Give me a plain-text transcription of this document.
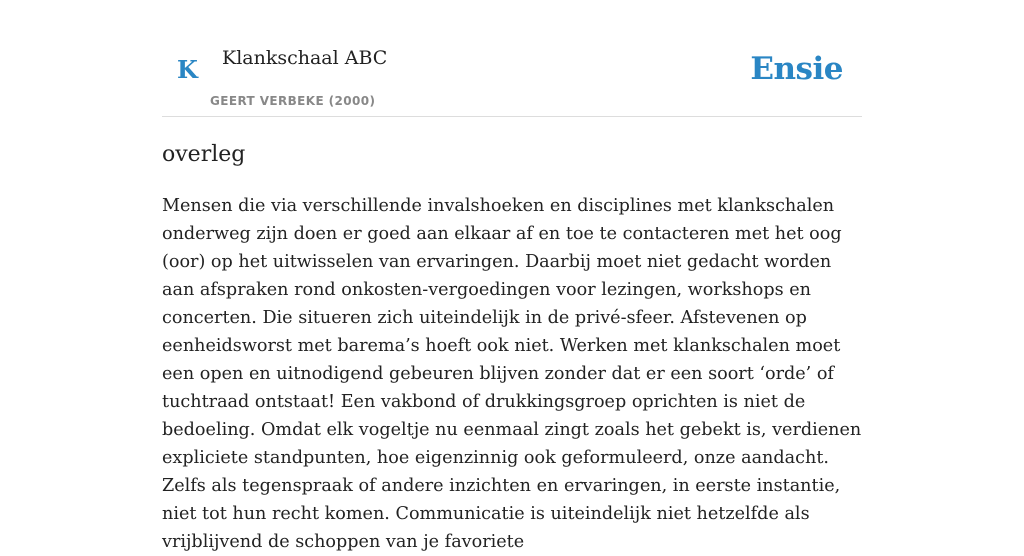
K Klankschaal ABC
GEERT VERBEKE (2000)
Ensie
overleg

Mensen die via verschillende invalshoeken en disciplines met klankschalen onderweg zijn doen er goed aan elkaar af en toe te contacteren met het oog (oor) op het uitwisselen van ervaringen. Daarbij moet niet gedacht worden aan afspraken rond onkosten-vergoedingen voor lezingen, workshops en concerten. Die situeren zich uiteindelijk in de privé-sfeer. Afstevenen op eenheidsworst met barema’s hoeft ook niet. Werken met klankschalen moet een open en uitnodigend gebeuren blijven zonder dat er een soort ‘orde’ of tuchtraad ontstaat! Een vakbond of drukkingsgroep oprichten is niet de bedoeling. Omdat elk vogeltje nu eenmaal zingt zoals het gebekt is, verdienen expliciete standpunten, hoe eigenzinnig ook geformuleerd, onze aandacht. Zelfs als tegenspraak of andere inzichten en ervaringen, in eerste instantie, niet tot hun recht komen. Communicatie is uiteindelijk niet hetzelfde als vrijblijvend de schoppen van je favoriete
